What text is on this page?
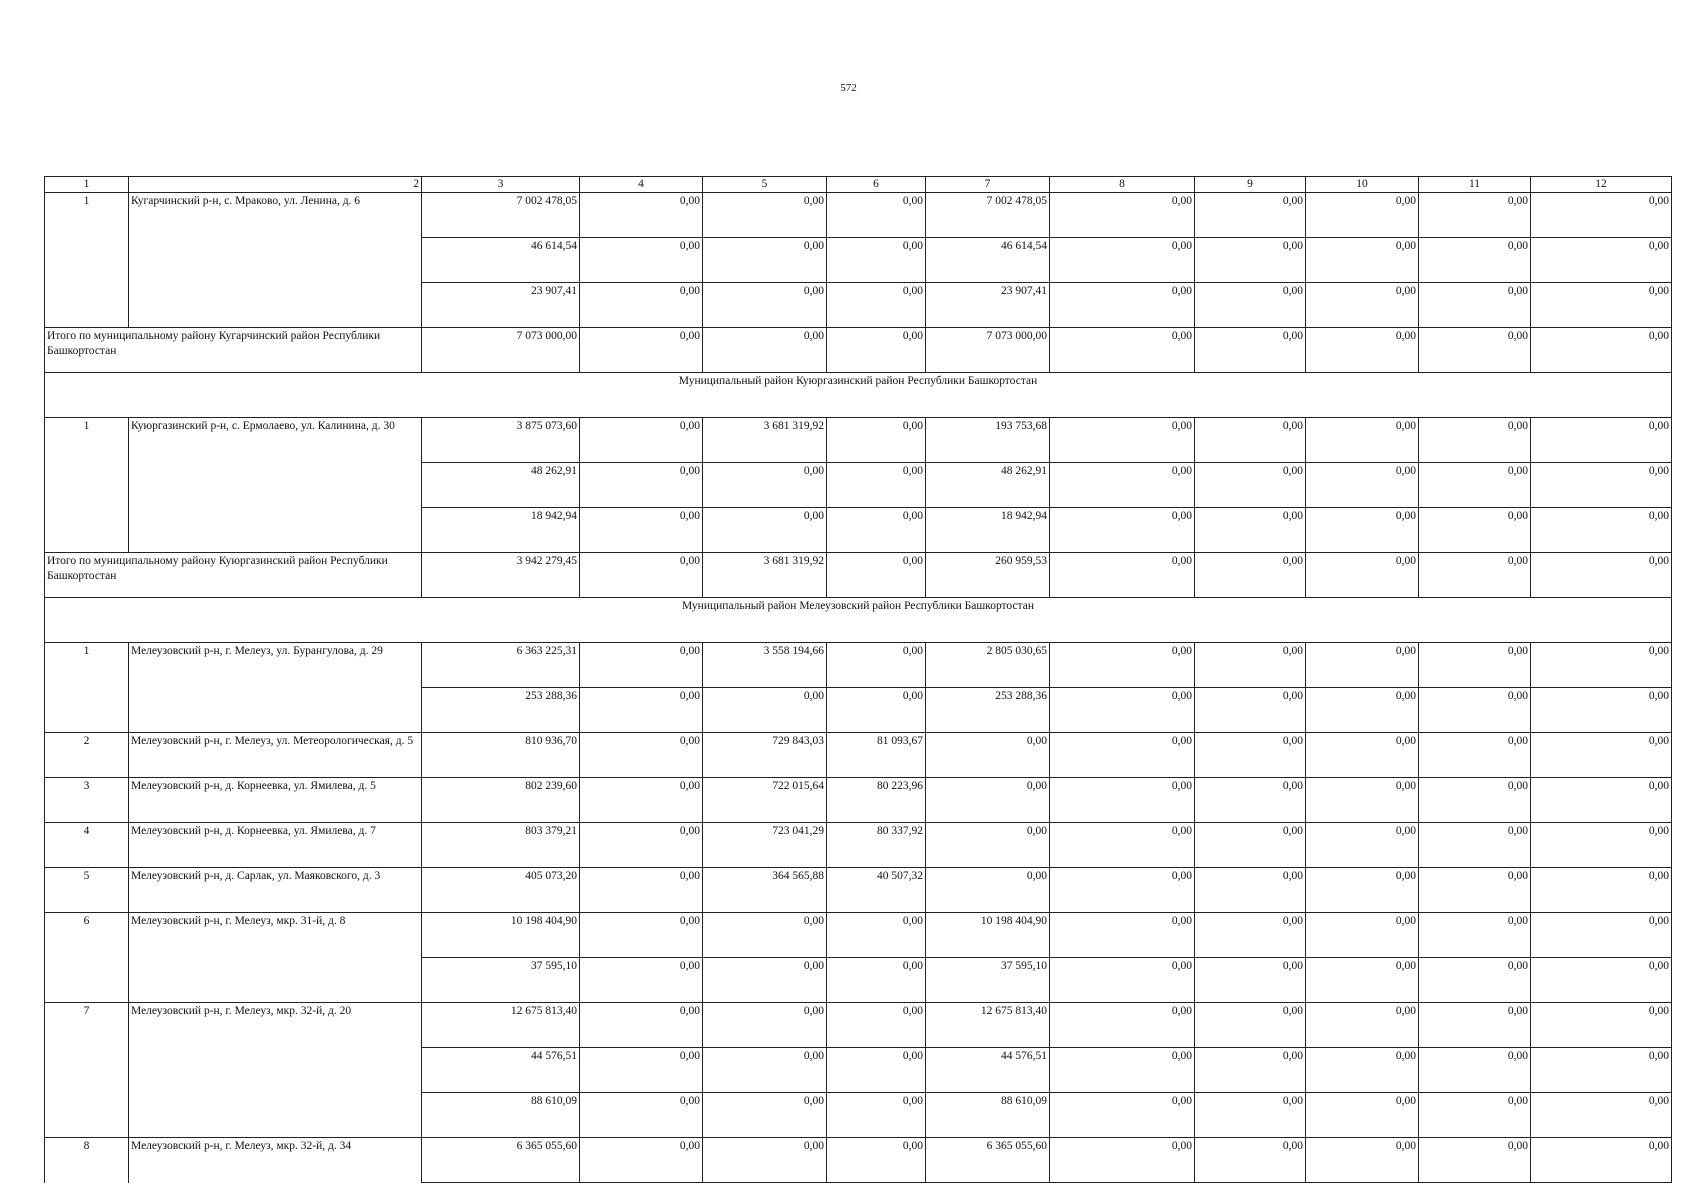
572
1	2	3	4	5	6	7	8	9	10	11	12
1	Кугарчинский р-н, с. Мраково, ул. Ленина, д. 6	7 002 478,05	0,00	0,00	0,00	7 002 478,05	0,00	0,00	0,00	0,00	0,00
		46 614,54	0,00	0,00	0,00	46 614,54	0,00	0,00	0,00	0,00	0,00
		23 907,41	0,00	0,00	0,00	23 907,41	0,00	0,00	0,00	0,00	0,00
Итого по муниципальному району Кугарчинский район Республики Башкортостан		7 073 000,00	0,00	0,00	0,00	7 073 000,00	0,00	0,00	0,00	0,00	0,00
Муниципальный район Куюргазинский район Республики Башкортостан											
1	Куюргазинский р-н, с. Ермолаево, ул. Калинина, д. 30	3 875 073,60	0,00	3 681 319,92	0,00	193 753,68	0,00	0,00	0,00	0,00	0,00
		48 262,91	0,00	0,00	0,00	48 262,91	0,00	0,00	0,00	0,00	0,00
		18 942,94	0,00	0,00	0,00	18 942,94	0,00	0,00	0,00	0,00	0,00
Итого по муниципальному району Куюргазинский район Республики Башкортостан		3 942 279,45	0,00	3 681 319,92	0,00	260 959,53	0,00	0,00	0,00	0,00	0,00
Муниципальный район Мелеузовский район Республики Башкортостан											
1	Мелеузовский р-н, г. Мелеуз, ул. Бурангулова, д. 29	6 363 225,31	0,00	3 558 194,66	0,00	2 805 030,65	0,00	0,00	0,00	0,00	0,00
		253 288,36	0,00	0,00	0,00	253 288,36	0,00	0,00	0,00	0,00	0,00
2	Мелеузовский р-н, г. Мелеуз, ул. Метеорологическая, д. 5	810 936,70	0,00	729 843,03	81 093,67	0,00	0,00	0,00	0,00	0,00	0,00
3	Мелеузовский р-н, д. Корнеевка, ул. Ямилева, д. 5	802 239,60	0,00	722 015,64	80 223,96	0,00	0,00	0,00	0,00	0,00	0,00
4	Мелеузовский р-н, д. Корнеевка, ул. Ямилева, д. 7	803 379,21	0,00	723 041,29	80 337,92	0,00	0,00	0,00	0,00	0,00	0,00
5	Мелеузовский р-н, д. Сарлак, ул. Маяковского, д. 3	405 073,20	0,00	364 565,88	40 507,32	0,00	0,00	0,00	0,00	0,00	0,00
6	Мелеузовский р-н, г. Мелеуз, мкр. 31-й, д. 8	10 198 404,90	0,00	0,00	0,00	10 198 404,90	0,00	0,00	0,00	0,00	0,00
		37 595,10	0,00	0,00	0,00	37 595,10	0,00	0,00	0,00	0,00	0,00
7	Мелеузовский р-н, г. Мелеуз, мкр. 32-й, д. 20	12 675 813,40	0,00	0,00	0,00	12 675 813,40	0,00	0,00	0,00	0,00	0,00
		44 576,51	0,00	0,00	0,00	44 576,51	0,00	0,00	0,00	0,00	0,00
		88 610,09	0,00	0,00	0,00	88 610,09	0,00	0,00	0,00	0,00	0,00
8	Мелеузовский р-н, г. Мелеуз, мкр. 32-й, д. 34	6 365 055,60	0,00	0,00	0,00	6 365 055,60	0,00	0,00	0,00	0,00	0,00
